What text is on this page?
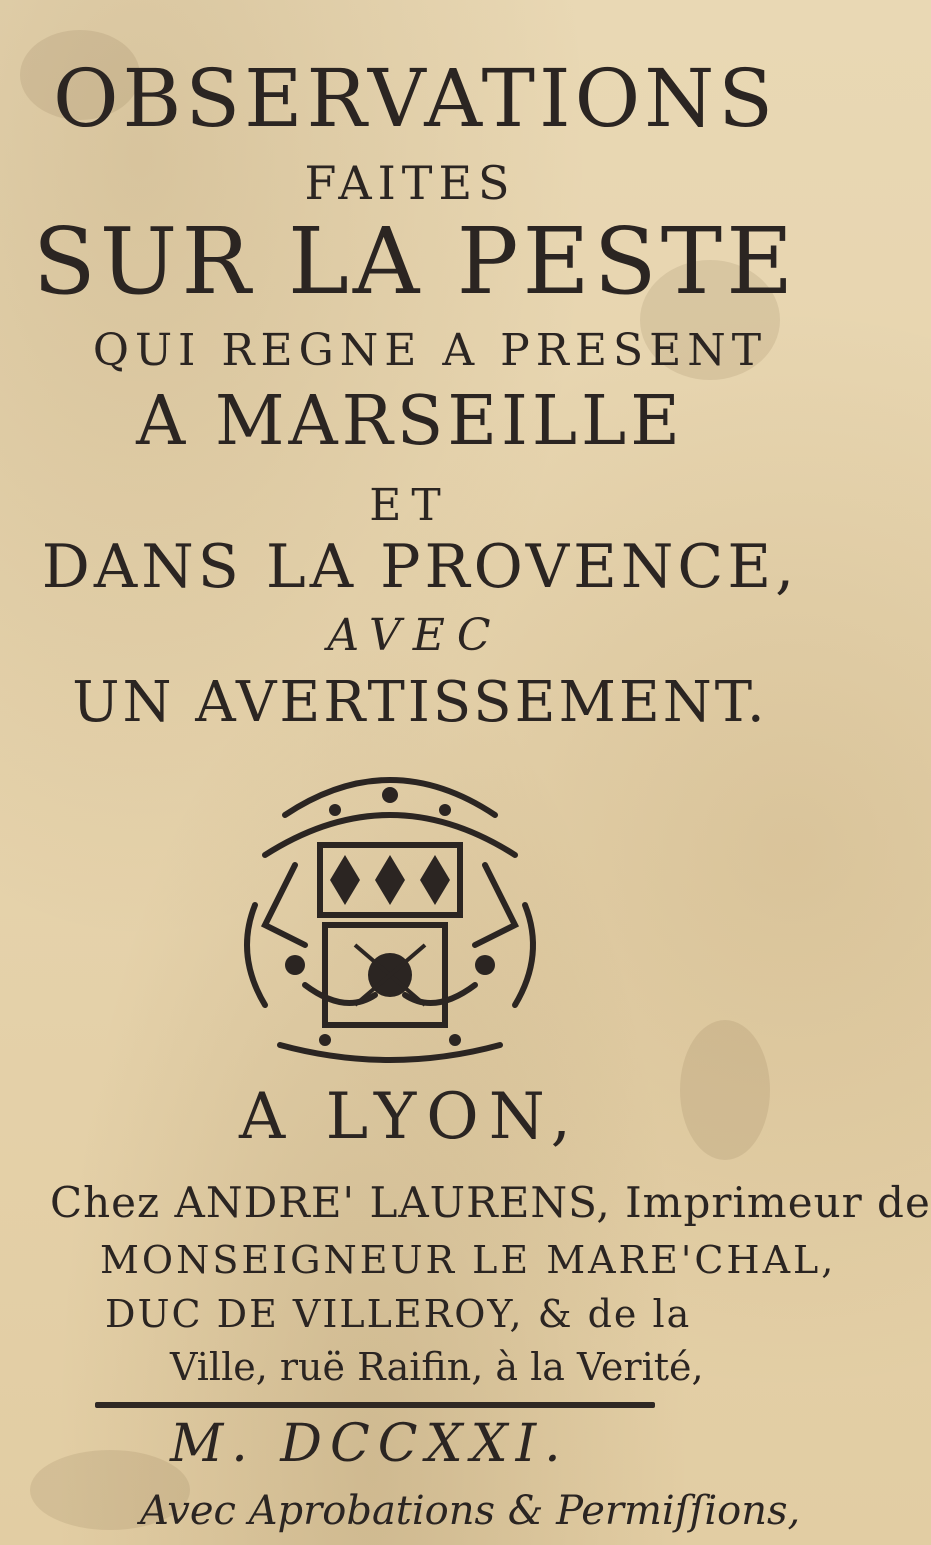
OBSERVATIONS
FAITES
SUR LA PESTE
QUI REGNE A PRESENT
A MARSEILLE
ET
DANS LA PROVENCE,
AVEC
UN AVERTISSEMENT.
A LYON,
Chez ANDRE' LAURENS, Imprimeur de
MONSEIGNEUR LE MARE'CHAL,
DUC DE VILLEROY, & de la
Ville, ruë Raifin, à la Verité,
M. DCCXXI.
Avec Aprobations & Permiſſions,
